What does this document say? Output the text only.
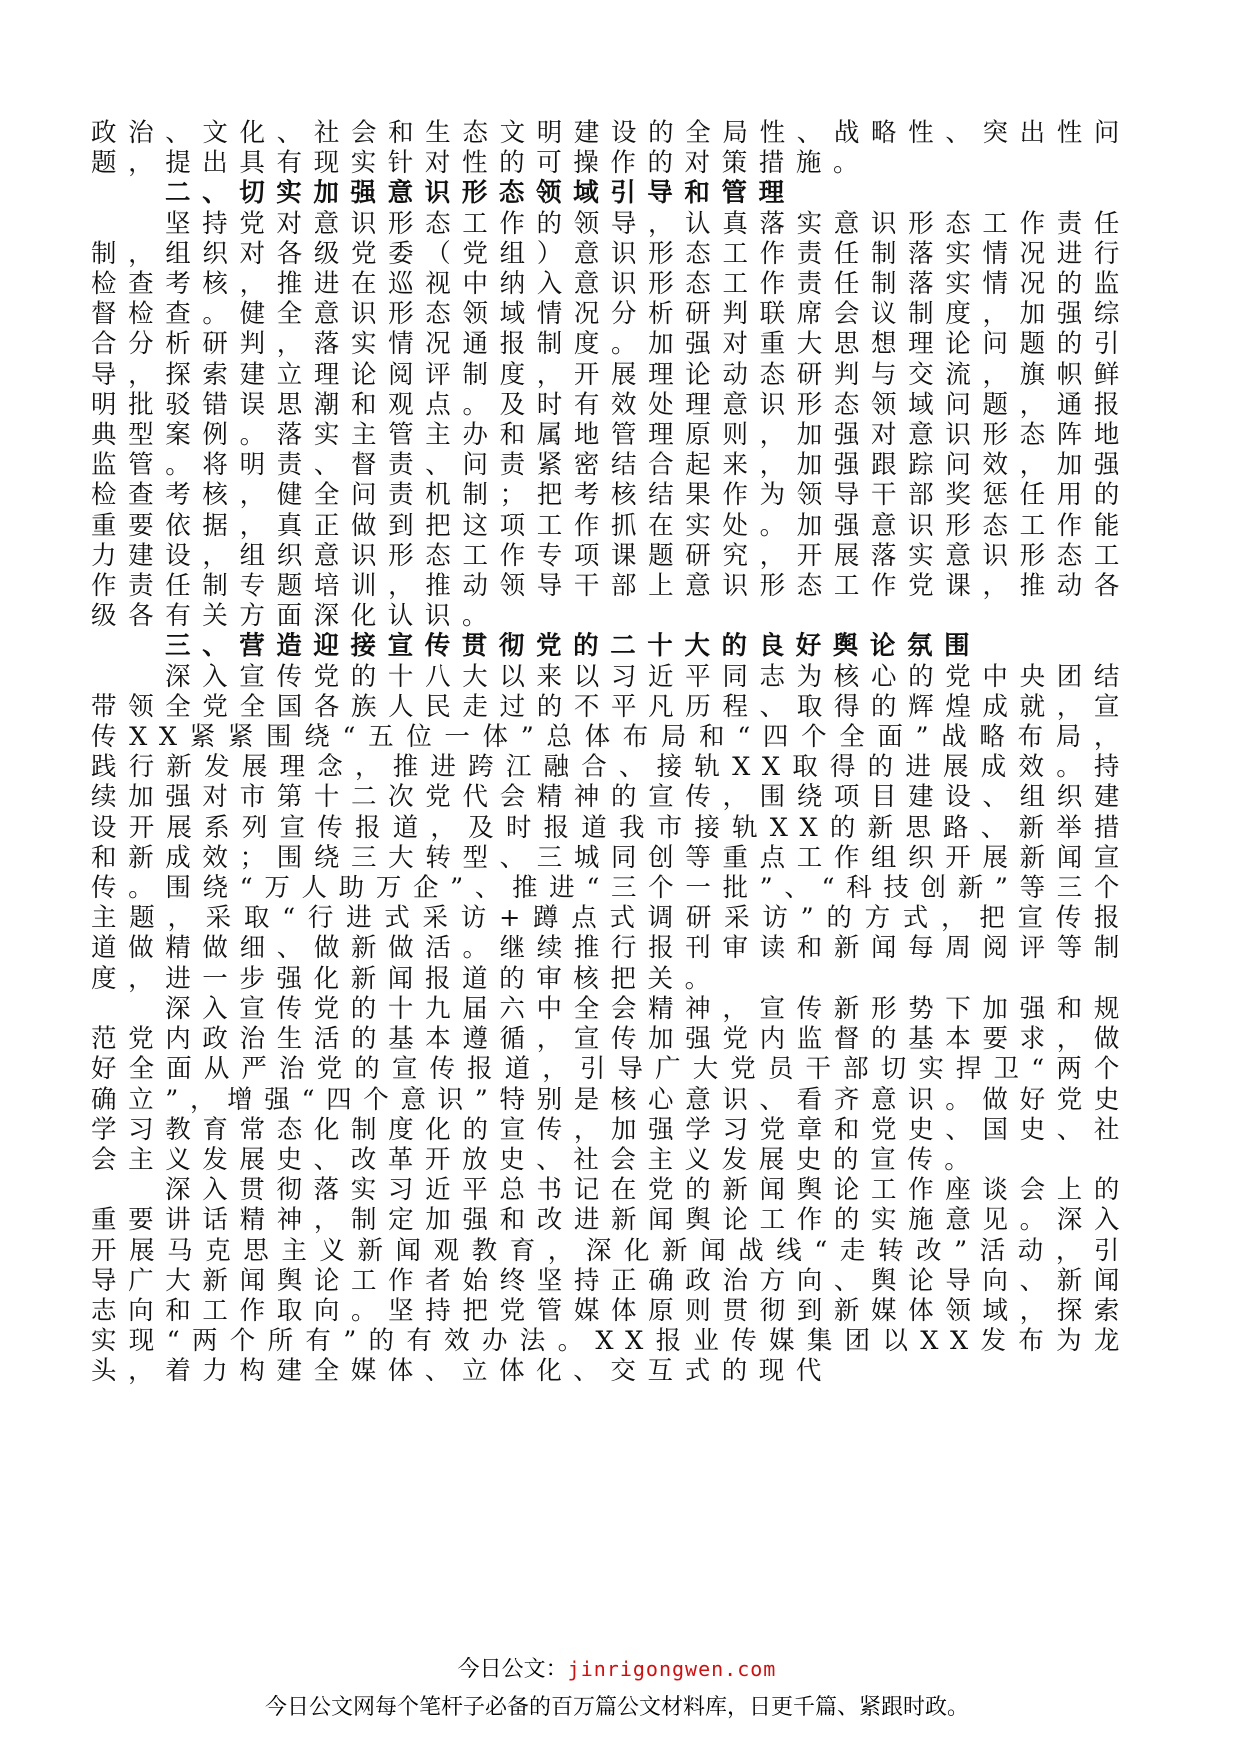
政治、文化、社会和生态文明建设的全局性、战略性、突出性问题，提出具有现实针对性的可操作的对策措施。

二、切实加强意识形态领域引导和管理

坚持党对意识形态工作的领导，认真落实意识形态工作责任制，组织对各级党委（党组）意识形态工作责任制落实情况进行检查考核，推进在巡视中纳入意识形态工作责任制落实情况的监督检查。健全意识形态领域情况分析研判联席会议制度，加强综合分析研判，落实情况通报制度。加强对重大思想理论问题的引导，探索建立理论阅评制度，开展理论动态研判与交流，旗帜鲜明批驳错误思潮和观点。及时有效处理意识形态领域问题，通报典型案例。落实主管主办和属地管理原则，加强对意识形态阵地监管。将明责、督责、问责紧密结合起来，加强跟踪问效，加强检查考核，健全问责机制；把考核结果作为领导干部奖惩任用的重要依据，真正做到把这项工作抓在实处。加强意识形态工作能力建设，组织意识形态工作专项课题研究，开展落实意识形态工作责任制专题培训，推动领导干部上意识形态工作党课，推动各级各有关方面深化认识。

三、营造迎接宣传贯彻党的二十大的良好舆论氛围

深入宣传党的十八大以来以习近平同志为核心的党中央团结带领全党全国各族人民走过的不平凡历程、取得的辉煌成就，宣传XX紧紧围绕“五位一体”总体布局和“四个全面”战略布局，践行新发展理念，推进跨江融合、接轨XX取得的进展成效。持续加强对市第十二次党代会精神的宣传，围绕项目建设、组织建设开展系列宣传报道，及时报道我市接轨XX的新思路、新举措和新成效；围绕三大转型、三城同创等重点工作组织开展新闻宣传。围绕“万人助万企”、推进“三个一批”、“科技创新”等三个主题，采取“行进式采访+蹲点式调研采访”的方式，把宣传报道做精做细、做新做活。继续推行报刊审读和新闻每周阅评等制度，进一步强化新闻报道的审核把关。

深入宣传党的十九届六中全会精神，宣传新形势下加强和规范党内政治生活的基本遵循，宣传加强党内监督的基本要求，做好全面从严治党的宣传报道，引导广大党员干部切实捍卫“两个确立”，增强“四个意识”特别是核心意识、看齐意识。做好党史学习教育常态化制度化的宣传，加强学习党章和党史、国史、社会主义发展史、改革开放史、社会主义发展史的宣传。

深入贯彻落实习近平总书记在党的新闻舆论工作座谈会上的重要讲话精神，制定加强和改进新闻舆论工作的实施意见。深入开展马克思主义新闻观教育，深化新闻战线“走转改”活动，引导广大新闻舆论工作者始终坚持正确政治方向、舆论导向、新闻志向和工作取向。坚持把党管媒体原则贯彻到新媒体领域，探索实现“两个所有”的有效办法。XX报业传媒集团以XX发布为龙头，着力构建全媒体、立体化、交互式的现代

今日公文：jinrigongwen.com
今日公文网每个笔杆子必备的百万篇公文材料库，日更千篇、紧跟时政。
